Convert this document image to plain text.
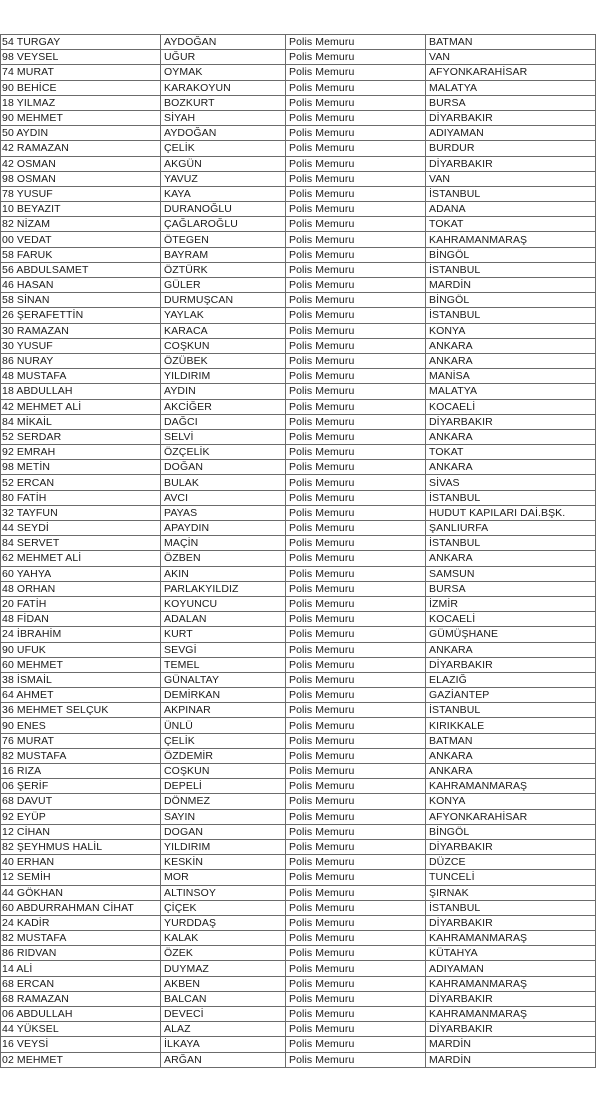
54 TURGAY	AYDOĞAN	Polis Memuru	BATMAN
98 VEYSEL	UĞUR	Polis Memuru	VAN
74 MURAT	OYMAK	Polis Memuru	AFYONKARAHİSAR
90 BEHİCE	KARAKOYUN	Polis Memuru	MALATYA
18 YILMAZ	BOZKURT	Polis Memuru	BURSA
90 MEHMET	SİYAH	Polis Memuru	DİYARBAKIR
50 AYDIN	AYDOĞAN	Polis Memuru	ADIYAMAN
42 RAMAZAN	ÇELİK	Polis Memuru	BURDUR
42 OSMAN	AKGÜN	Polis Memuru	DİYARBAKIR
98 OSMAN	YAVUZ	Polis Memuru	VAN
78 YUSUF	KAYA	Polis Memuru	İSTANBUL
10 BEYAZIT	DURANOĞLU	Polis Memuru	ADANA
82 NİZAM	ÇAĞLAROĞLU	Polis Memuru	TOKAT
00 VEDAT	ÖTEGEN	Polis Memuru	KAHRAMANMARAŞ
58 FARUK	BAYRAM	Polis Memuru	BİNGÖL
56 ABDULSAMET	ÖZTÜRK	Polis Memuru	İSTANBUL
46 HASAN	GÜLER	Polis Memuru	MARDİN
58 SİNAN	DURMUŞCAN	Polis Memuru	BİNGÖL
26 ŞERAFETTİN	YAYLAK	Polis Memuru	İSTANBUL
30 RAMAZAN	KARACA	Polis Memuru	KONYA
30 YUSUF	COŞKUN	Polis Memuru	ANKARA
86 NURAY	ÖZÜBEK	Polis Memuru	ANKARA
48 MUSTAFA	YILDIRIM	Polis Memuru	MANİSA
18 ABDULLAH	AYDIN	Polis Memuru	MALATYA
42 MEHMET ALİ	AKCİĞER	Polis Memuru	KOCAELİ
84 MİKAİL	DAĞCI	Polis Memuru	DİYARBAKIR
52 SERDAR	SELVİ	Polis Memuru	ANKARA
92 EMRAH	ÖZÇELİK	Polis Memuru	TOKAT
98 METİN	DOĞAN	Polis Memuru	ANKARA
52 ERCAN	BULAK	Polis Memuru	SİVAS
80 FATİH	AVCI	Polis Memuru	İSTANBUL
32 TAYFUN	PAYAS	Polis Memuru	HUDUT KAPILARI DAİ.BŞK.
44 SEYDİ	APAYDIN	Polis Memuru	ŞANLIURFA
84 SERVET	MAÇİN	Polis Memuru	İSTANBUL
62 MEHMET ALİ	ÖZBEN	Polis Memuru	ANKARA
60 YAHYA	AKIN	Polis Memuru	SAMSUN
48 ORHAN	PARLAKYILDIZ	Polis Memuru	BURSA
20 FATİH	KOYUNCU	Polis Memuru	İZMİR
48 FİDAN	ADALAN	Polis Memuru	KOCAELİ
24 İBRAHİM	KURT	Polis Memuru	GÜMÜŞHANE
90 UFUK	SEVGİ	Polis Memuru	ANKARA
60 MEHMET	TEMEL	Polis Memuru	DİYARBAKIR
38 İSMAİL	GÜNALTAY	Polis Memuru	ELAZIĞ
64 AHMET	DEMİRKAN	Polis Memuru	GAZİANTEP
36 MEHMET SELÇUK	AKPINAR	Polis Memuru	İSTANBUL
90 ENES	ÜNLÜ	Polis Memuru	KIRIKKALE
76 MURAT	ÇELİK	Polis Memuru	BATMAN
82 MUSTAFA	ÖZDEMİR	Polis Memuru	ANKARA
16 RIZA	COŞKUN	Polis Memuru	ANKARA
06 ŞERİF	DEPELİ	Polis Memuru	KAHRAMANMARAŞ
68 DAVUT	DÖNMEZ	Polis Memuru	KONYA
92 EYÜP	SAYIN	Polis Memuru	AFYONKARAHİSAR
12 CİHAN	DOGAN	Polis Memuru	BİNGÖL
82 ŞEYHMUS HALİL	YILDIRIM	Polis Memuru	DİYARBAKIR
40 ERHAN	KESKİN	Polis Memuru	DÜZCE
12 SEMİH	MOR	Polis Memuru	TUNCELİ
44 GÖKHAN	ALTINSOY	Polis Memuru	ŞIRNAK
60 ABDURRAHMAN CİHAT	ÇİÇEK	Polis Memuru	İSTANBUL
24 KADİR	YURDDAŞ	Polis Memuru	DİYARBAKIR
82 MUSTAFA	KALAK	Polis Memuru	KAHRAMANMARAŞ
86 RIDVAN	ÖZEK	Polis Memuru	KÜTAHYA
14 ALİ	DUYMAZ	Polis Memuru	ADIYAMAN
68 ERCAN	AKBEN	Polis Memuru	KAHRAMANMARAŞ
68 RAMAZAN	BALCAN	Polis Memuru	DİYARBAKIR
06 ABDULLAH	DEVECİ	Polis Memuru	KAHRAMANMARAŞ
44 YÜKSEL	ALAZ	Polis Memuru	DİYARBAKIR
16 VEYSİ	İLKAYA	Polis Memuru	MARDİN
02 MEHMET	ARĞAN	Polis Memuru	MARDİN
